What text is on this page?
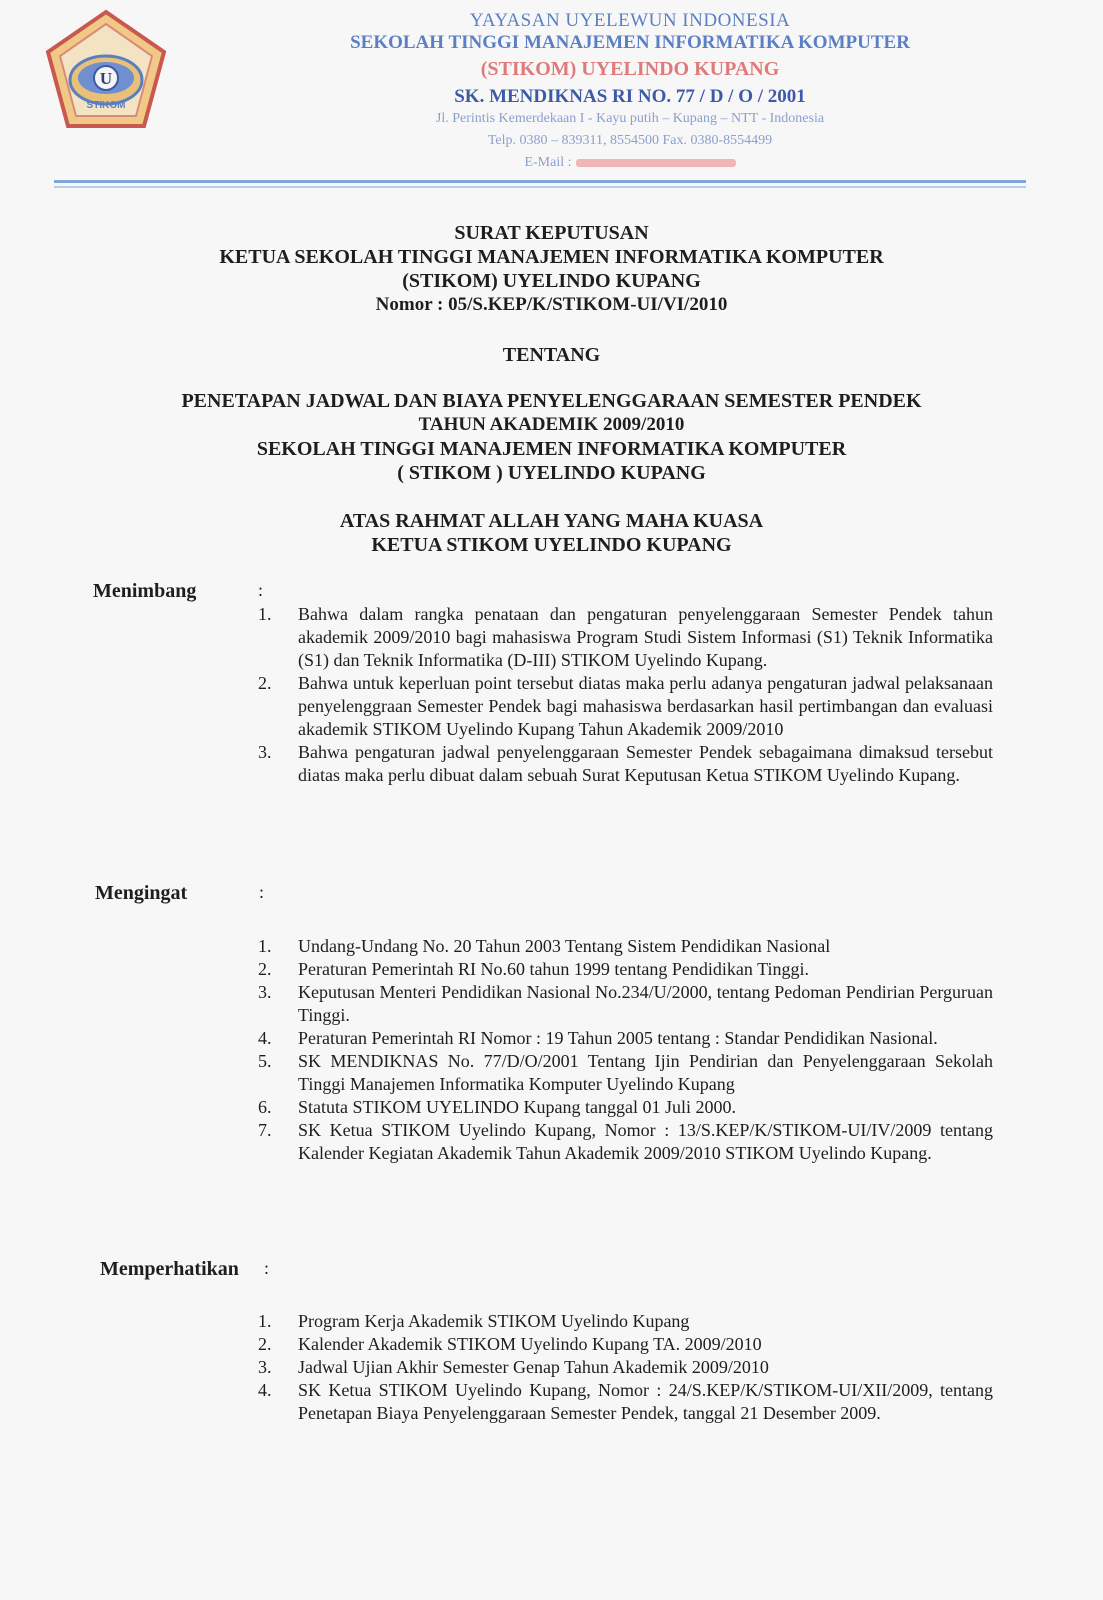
U
STIKOM
YAYASAN UYELEWUN INDONESIA
SEKOLAH TINGGI MANAJEMEN INFORMATIKA KOMPUTER
(STIKOM) UYELINDO KUPANG
SK. MENDIKNAS RI NO. 77 / D / O / 2001
Jl. Perintis Kemerdekaan I - Kayu putih – Kupang – NTT - Indonesia
Telp. 0380 – 839311, 8554500 Fax. 0380-8554499
E-Mail :
SURAT KEPUTUSAN
KETUA SEKOLAH TINGGI MANAJEMEN INFORMATIKA KOMPUTER
(STIKOM) UYELINDO KUPANG
Nomor : 05/S.KEP/K/STIKOM-UI/VI/2010
TENTANG
PENETAPAN JADWAL DAN BIAYA PENYELENGGARAAN SEMESTER PENDEK
TAHUN AKADEMIK 2009/2010
SEKOLAH TINGGI MANAJEMEN INFORMATIKA KOMPUTER
( STIKOM ) UYELINDO KUPANG
ATAS RAHMAT ALLAH YANG MAHA KUASA
KETUA STIKOM UYELINDO KUPANG
Menimbang	:
1. Bahwa dalam rangka penataan dan pengaturan penyelenggaraan Semester Pendek tahun akademik 2009/2010 bagi mahasiswa Program Studi Sistem Informasi (S1) Teknik Informatika (S1) dan Teknik Informatika (D-III) STIKOM Uyelindo Kupang.
2. Bahwa untuk keperluan point tersebut diatas maka perlu adanya pengaturan jadwal pelaksanaan penyelenggraan Semester Pendek bagi mahasiswa berdasarkan hasil pertimbangan dan evaluasi akademik STIKOM Uyelindo Kupang Tahun Akademik 2009/2010
3. Bahwa pengaturan jadwal penyelenggaraan Semester Pendek sebagaimana dimaksud tersebut diatas maka perlu dibuat dalam sebuah Surat Keputusan Ketua STIKOM Uyelindo Kupang.
Mengingat	:
1. Undang-Undang No. 20 Tahun 2003 Tentang Sistem Pendidikan Nasional
2. Peraturan Pemerintah RI No.60 tahun 1999 tentang Pendidikan Tinggi.
3. Keputusan Menteri Pendidikan Nasional No.234/U/2000, tentang Pedoman Pendirian Perguruan Tinggi.
4. Peraturan Pemerintah RI Nomor : 19 Tahun 2005 tentang : Standar Pendidikan Nasional.
5. SK MENDIKNAS No. 77/D/O/2001 Tentang Ijin Pendirian dan Penyelenggaraan Sekolah Tinggi Manajemen Informatika Komputer Uyelindo Kupang
6. Statuta STIKOM UYELINDO Kupang tanggal 01 Juli 2000.
7. SK Ketua STIKOM Uyelindo Kupang, Nomor : 13/S.KEP/K/STIKOM-UI/IV/2009 tentang Kalender Kegiatan Akademik Tahun Akademik 2009/2010 STIKOM Uyelindo Kupang.
Memperhatikan :
1. Program Kerja Akademik STIKOM Uyelindo Kupang
2. Kalender Akademik STIKOM Uyelindo Kupang TA. 2009/2010
3. Jadwal Ujian Akhir Semester Genap Tahun Akademik 2009/2010
4. SK Ketua STIKOM Uyelindo Kupang, Nomor : 24/S.KEP/K/STIKOM-UI/XII/2009, tentang Penetapan Biaya Penyelenggaraan Semester Pendek, tanggal 21 Desember 2009.
